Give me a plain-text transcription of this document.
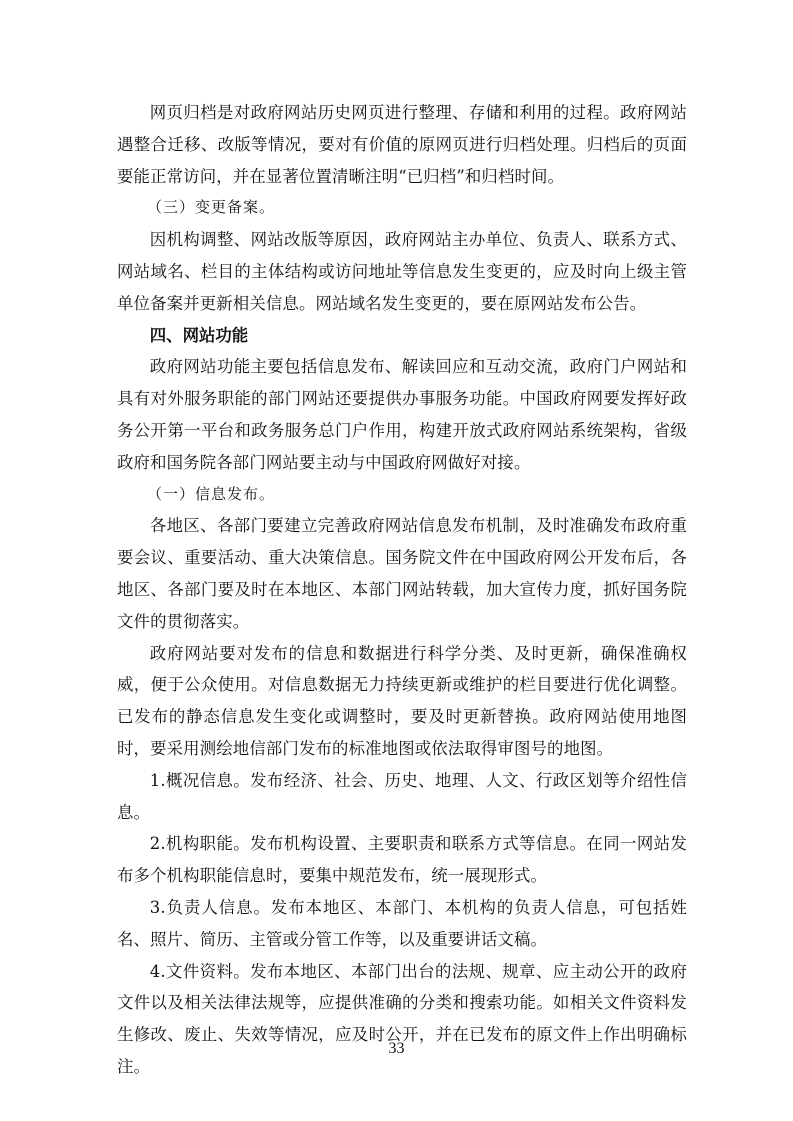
网页归档是对政府网站历史网页进行整理、存储和利用的过程。政府网站遇整合迁移、改版等情况，要对有价值的原网页进行归档处理。归档后的页面要能正常访问，并在显著位置清晰注明“已归档”和归档时间。

（三）变更备案。

因机构调整、网站改版等原因，政府网站主办单位、负责人、联系方式、网站域名、栏目的主体结构或访问地址等信息发生变更的，应及时向上级主管单位备案并更新相关信息。网站域名发生变更的，要在原网站发布公告。

四、网站功能

政府网站功能主要包括信息发布、解读回应和互动交流，政府门户网站和具有对外服务职能的部门网站还要提供办事服务功能。中国政府网要发挥好政务公开第一平台和政务服务总门户作用，构建开放式政府网站系统架构，省级政府和国务院各部门网站要主动与中国政府网做好对接。

（一）信息发布。

各地区、各部门要建立完善政府网站信息发布机制，及时准确发布政府重要会议、重要活动、重大决策信息。国务院文件在中国政府网公开发布后，各地区、各部门要及时在本地区、本部门网站转载，加大宣传力度，抓好国务院文件的贯彻落实。

政府网站要对发布的信息和数据进行科学分类、及时更新，确保准确权威，便于公众使用。对信息数据无力持续更新或维护的栏目要进行优化调整。已发布的静态信息发生变化或调整时，要及时更新替换。政府网站使用地图时，要采用测绘地信部门发布的标准地图或依法取得审图号的地图。

1.概况信息。发布经济、社会、历史、地理、人文、行政区划等介绍性信息。

2.机构职能。发布机构设置、主要职责和联系方式等信息。在同一网站发布多个机构职能信息时，要集中规范发布，统一展现形式。

3.负责人信息。发布本地区、本部门、本机构的负责人信息，可包括姓名、照片、简历、主管或分管工作等，以及重要讲话文稿。

4.文件资料。发布本地区、本部门出台的法规、规章、应主动公开的政府文件以及相关法律法规等，应提供准确的分类和搜索功能。如相关文件资料发生修改、废止、失效等情况，应及时公开，并在已发布的原文件上作出明确标注。

33
